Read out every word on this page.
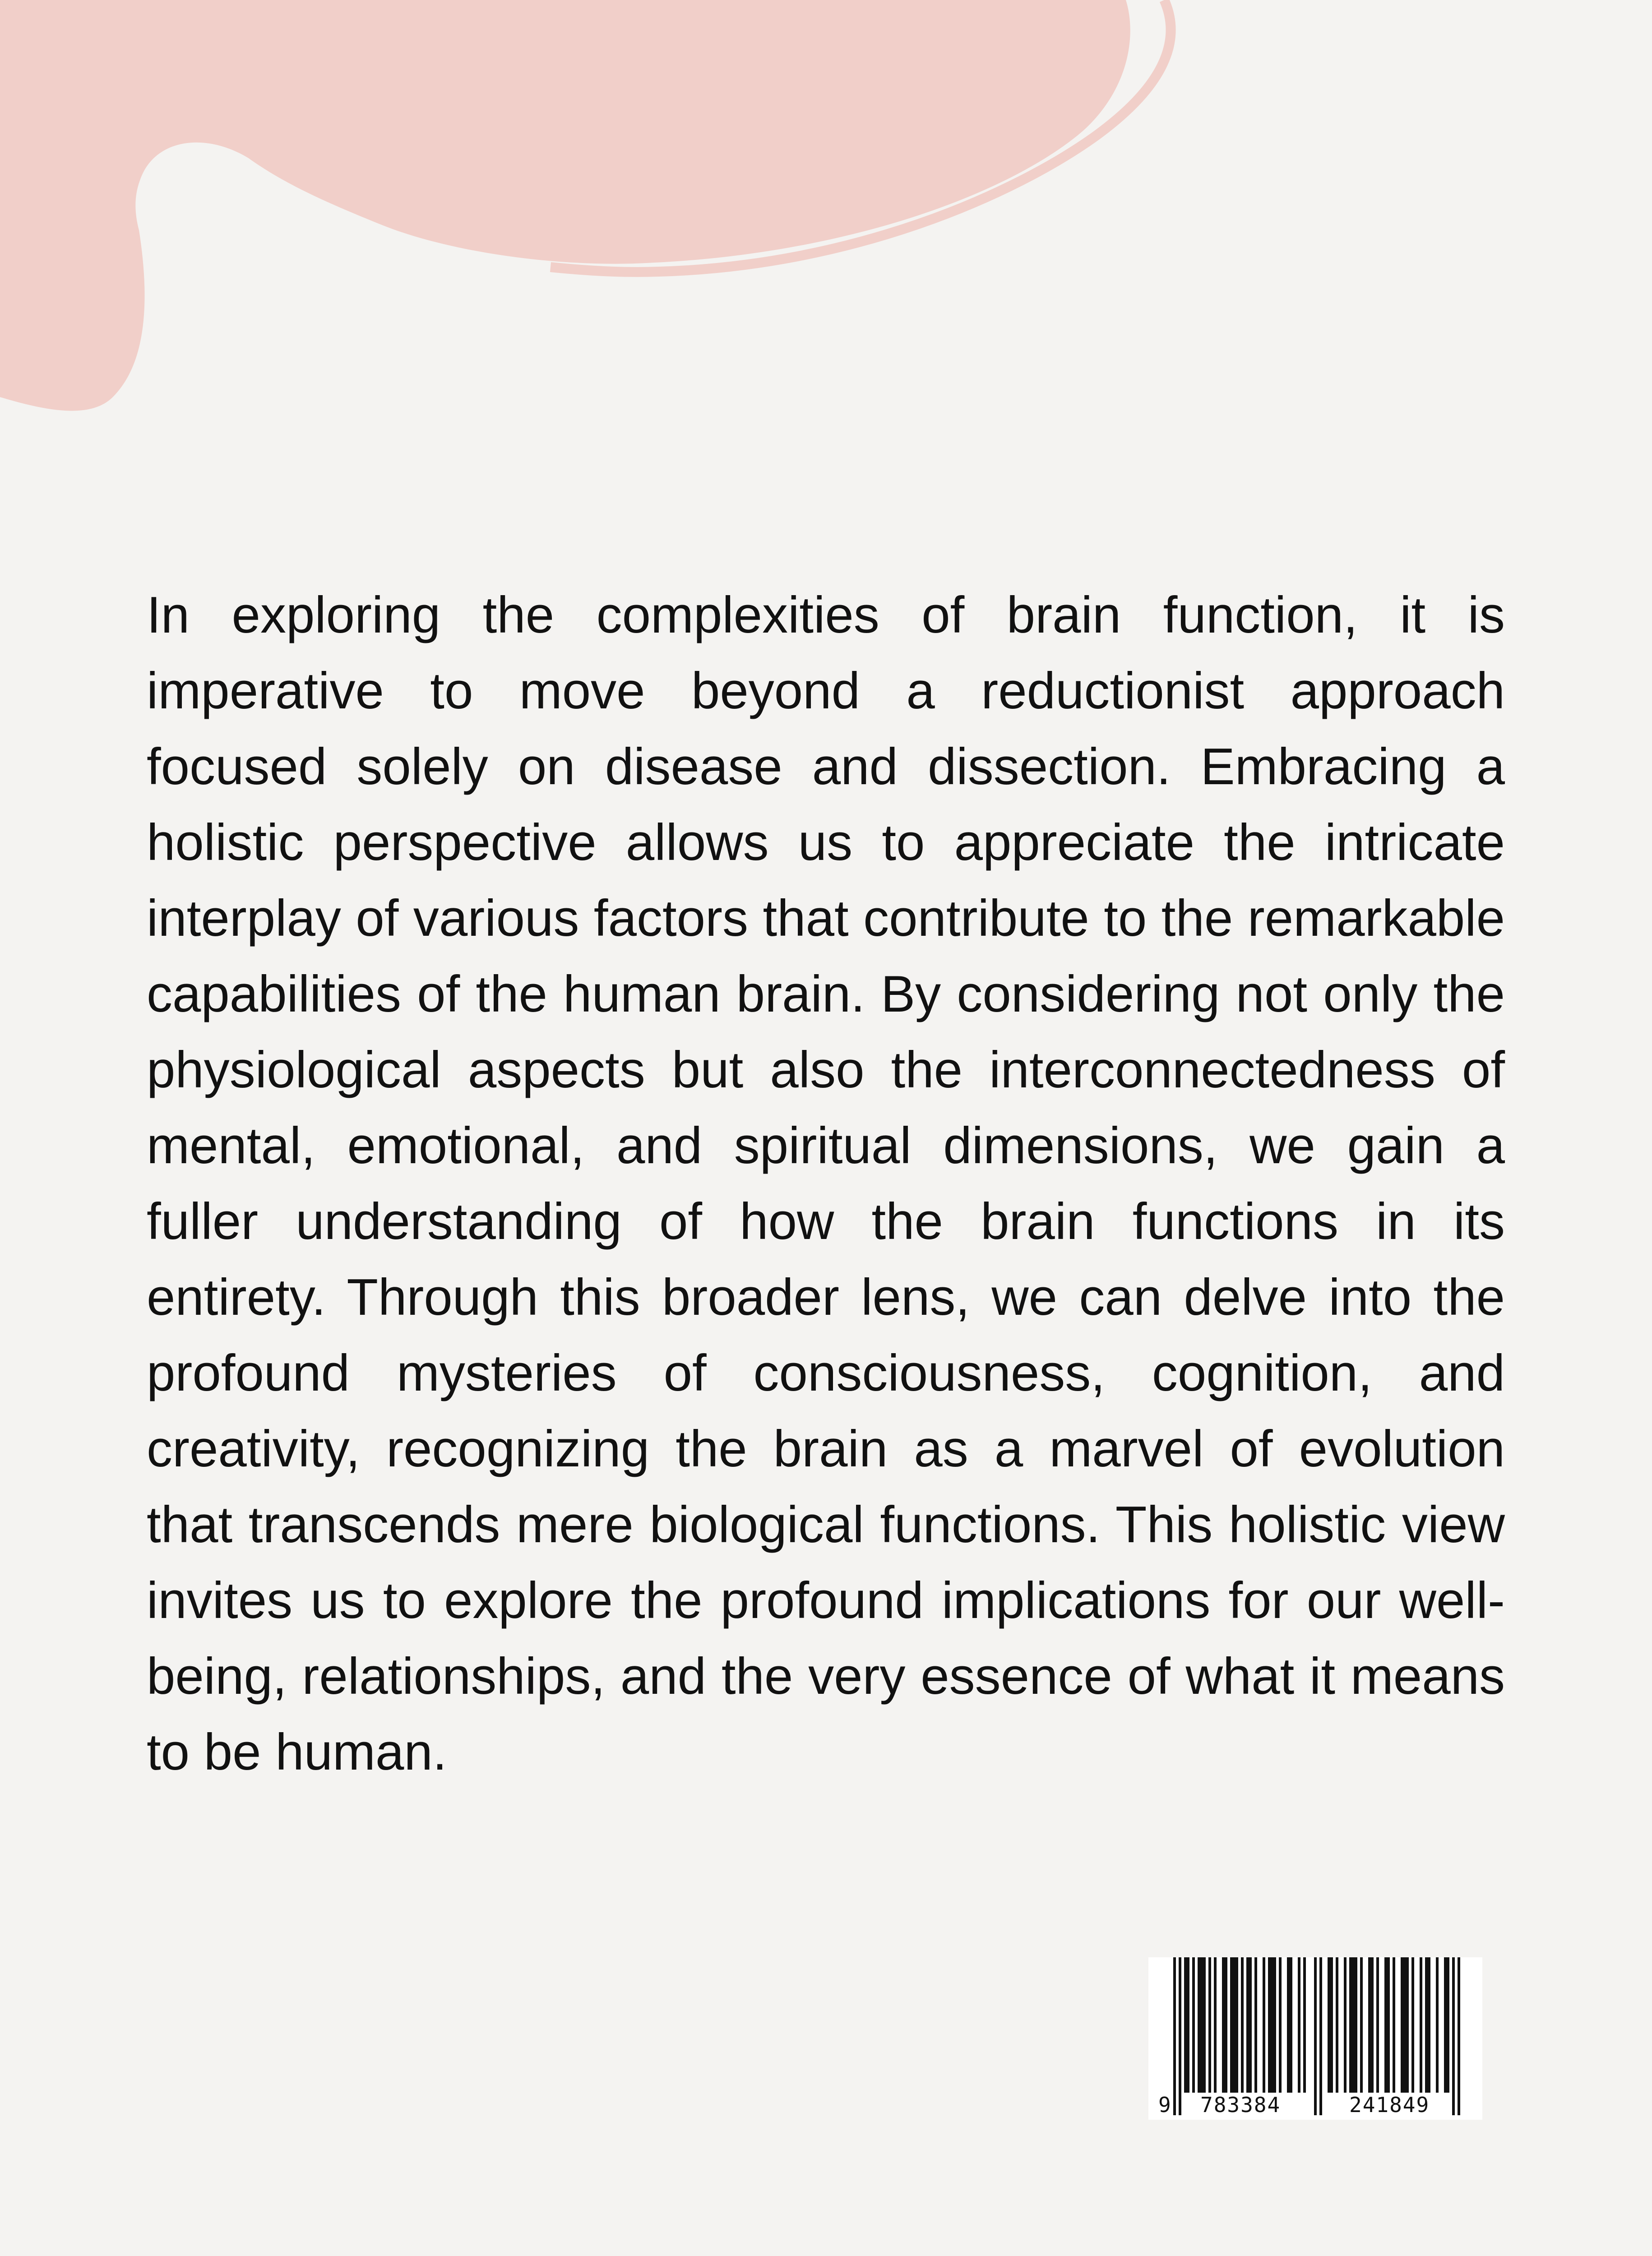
In exploring the complexities of brain function, it is imperative to move beyond a reductionist approach focused solely on disease and dissection. Embracing a holistic perspective allows us to appreciate the intricate interplay of various factors that contribute to the remarkable capabilities of the human brain. By considering not only the physiological aspects but also the interconnectedness of mental, emotional, and spiritual dimensions, we gain a fuller understanding of how the brain functions in its entirety. Through this broader lens, we can delve into the profound mysteries of consciousness, cognition, and creativity, recognizing the brain as a marvel of evolution that transcends mere biological functions. This holistic view invites us to explore the profound implications for our well-being, relationships, and the very essence of what it means to be human.

9 783384	241849
